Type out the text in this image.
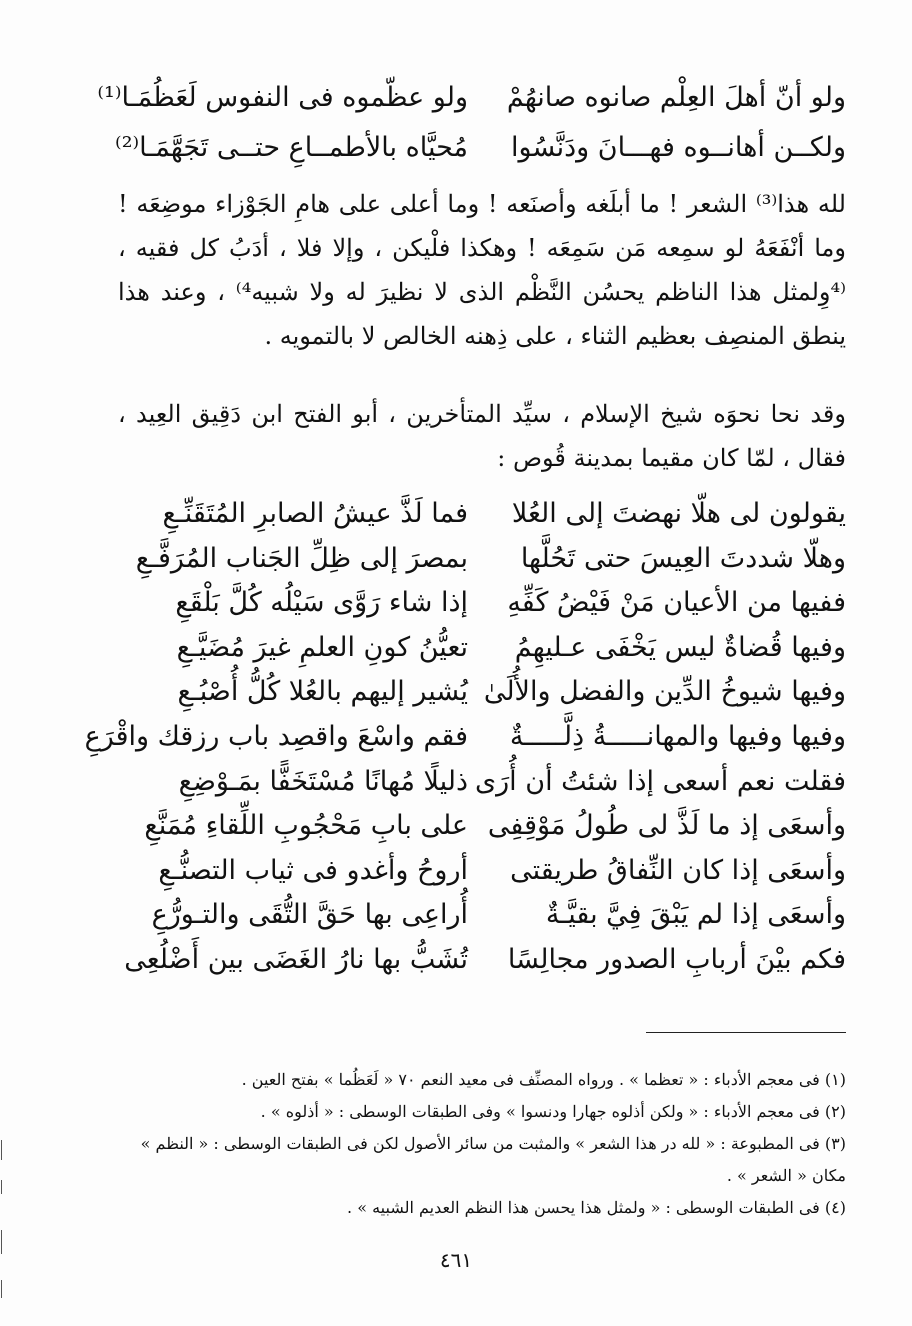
ولو أنّ أهلَ العِلْم صانوه صانهُمْ
ولو عظّموه فى النفوس لَعَظُمَـا⁽¹⁾
ولكــن أهانــوه فهـــانَ ودَنَّسُوا
مُحيَّاه بالأطمــاعِ حتــى تَجَهَّمَـا⁽²⁾

لله هذا⁽³⁾ الشعر ! ما أبلَغه وأصنَعه ! وما أعلى على هامِ الجَوْزاء موضِعَه ! وما أنْفَعَهُ لو سمِعه مَن سَمِعَه ! وهكذا فلْيكن ، وإلا فلا ، أدَبُ كل فقيه ، ⁽⁴وِلمثل هذا الناظم يحسُن النَّظْم الذى لا نظيرَ له ولا شبيه⁴⁾ ، وعند هذا ينطق المنصِف بعظيم الثناء ، على ذِهنه الخالص لا بالتمويه .

وقد نحا نحوَه شيخ الإسلام ، سيِّد المتأخرين ، أبو الفتح ابن دَقِيق العِيد ، فقال ، لمّا كان مقيما بمدينة قُوص :

يقولون لى هلّا نهضتَ إلى العُلا
فما لَذَّ عيشُ الصابرِ المُتَقَنِّـعِ
وهلّا شددتَ العِيسَ حتى تَحُلَّها
بمصرَ إلى ظِلِّ الجَناب المُرَفَّـعِ
ففيها من الأعيان مَنْ فَيْضُ كَفِّهِ
إذا شاء رَوَّى سَيْلُه كُلَّ بَلْقَعِ
وفيها قُضاةٌ ليس يَخْفَى عـليهِمُ
تعيُّنُ كونِ العلمِ غيرَ مُضَيَّـعِ
وفيها شيوخُ الدِّين والفضل والأُلَىٰ
يُشير إليهم بالعُلا كُلُّ أُصْبُـعِ
وفيها وفيها والمهانـــــةُ ذِلَّـــــةٌ
فقم واسْعَ واقصِد باب رزقك واقْرَعِ
فقلت نعم أسعى إذا شئتُ أن أُرَى
ذليلًا مُهانًا مُسْتَخَفًّا بمَـوْضِعِ
وأسعَى إذ ما لَذَّ لى طُولُ مَوْقِفِى
على بابِ مَحْجُوبِ اللِّقاءِ مُمَنَّعِ
وأسعَى إذا كان النِّفاقُ طريقتى
أروحُ وأغدو فى ثياب التصنُّـعِ
وأسعَى إذا لم يَبْقَ فِيَّ بقيَّـةٌ
أُراعِى بها حَقَّ التُّقَى والتـورُّعِ
فكم بيْنَ أربابِ الصدور مجالِسًا
تُشَبُّ بها نارُ الغَضَى بين أَضْلُعِى
(١) فى معجم الأدباء : « تعظما » . ورواه المصنِّف فى معيد النعم ٧٠ « لَعَظُما » بفتح العين .
(٢) فى معجم الأدباء : « ولكن أذلوه جهارا ودنسوا » وفى الطبقات الوسطى : « أذلوه » .
(٣) فى المطبوعة : « لله در هذا الشعر » والمثبت من سائر الأصول لكن فى الطبقات الوسطى : « النظم » مكان « الشعر » .
(٤) فى الطبقات الوسطى : « ولمثل هذا يحسن هذا النظم العديم الشبيه » .
٤٦١
